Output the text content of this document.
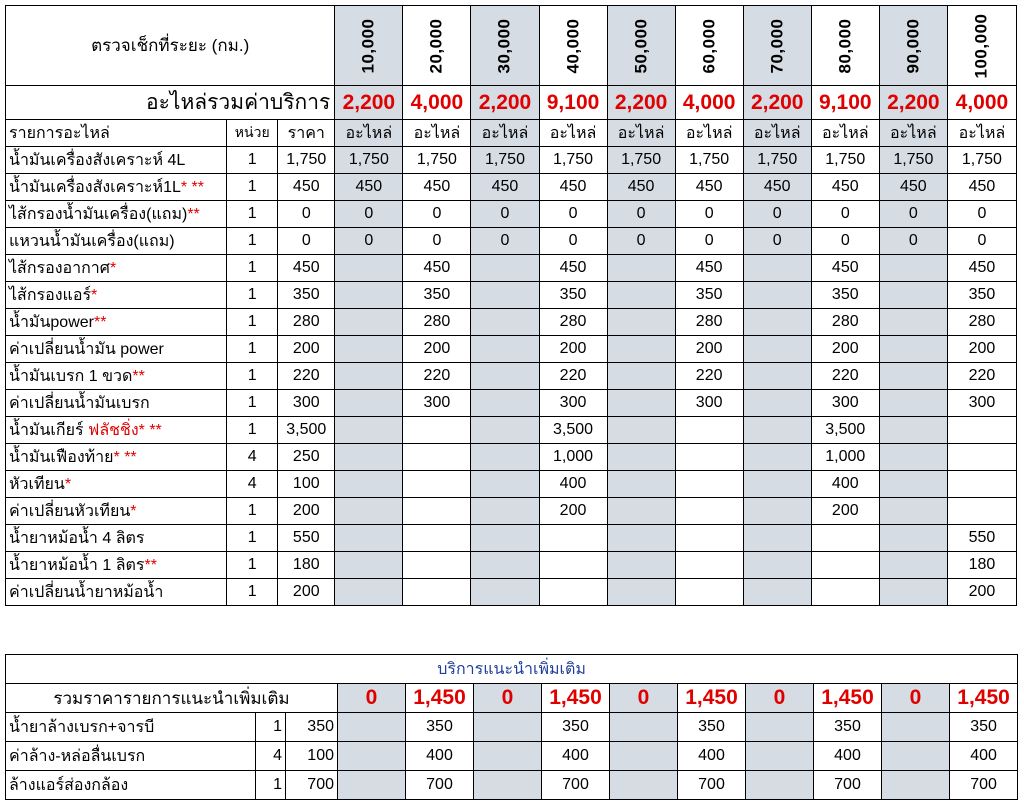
ตรวจเช็กที่ระยะ (กม.)			10,000	20,000	30,000	40,000	50,000	60,000	70,000	80,000	90,000	100,000
อะไหล่รวมค่าบริการ			2,200	4,000	2,200	9,100	2,200	4,000	2,200	9,100	2,200	4,000
รายการอะไหล่	หน่วย	ราคา	อะไหล่	อะไหล่	อะไหล่	อะไหล่	อะไหล่	อะไหล่	อะไหล่	อะไหล่	อะไหล่	อะไหล่
น้ำมันเครื่องสังเคราะห์ 4L	1	1,750	1,750	1,750	1,750	1,750	1,750	1,750	1,750	1,750	1,750	1,750
น้ำมันเครื่องสังเคราะห์1L* **	1	450	450	450	450	450	450	450	450	450	450	450
ไส้กรองน้ำมันเครื่อง(แถม)**	1	0	0	0	0	0	0	0	0	0	0	0
แหวนน้ำมันเครื่อง(แถม)	1	0	0	0	0	0	0	0	0	0	0	0
ไส้กรองอากาศ*	1	450		450		450		450		450		450
ไส้กรองแอร์*	1	350		350		350		350		350		350
น้ำมันpower**	1	280		280		280		280		280		280
ค่าเปลี่ยนน้ำมัน power	1	200		200		200		200		200		200
น้ำมันเบรก 1 ขวด**	1	220		220		220		220		220		220
ค่าเปลี่ยนน้ำมันเบรก	1	300		300		300		300		300		300
น้ำมันเกียร์ ฟลัชชิ่ง* **	1	3,500				3,500				3,500		
น้ำมันเฟืองท้าย* **	4	250				1,000				1,000		
หัวเทียน*	4	100				400				400		
ค่าเปลี่ยนหัวเทียน*	1	200				200				200		
น้ำยาหม้อน้ำ 4 ลิตร	1	550										550
น้ำยาหม้อน้ำ 1 ลิตร**	1	180										180
ค่าเปลี่ยนน้ำยาหม้อน้ำ	1	200										200
บริการแนะนำเพิ่มเติม												
รวมราคารายการแนะนำเพิ่มเติม			0	1,450	0	1,450	0	1,450	0	1,450	0	1,450
น้ำยาล้างเบรก+จารบี	1	350		350		350		350		350		350
ค่าล้าง-หล่อลื่นเบรก	4	100		400		400		400		400		400
ล้างแอร์ส่องกล้อง	1	700		700		700		700		700		700
